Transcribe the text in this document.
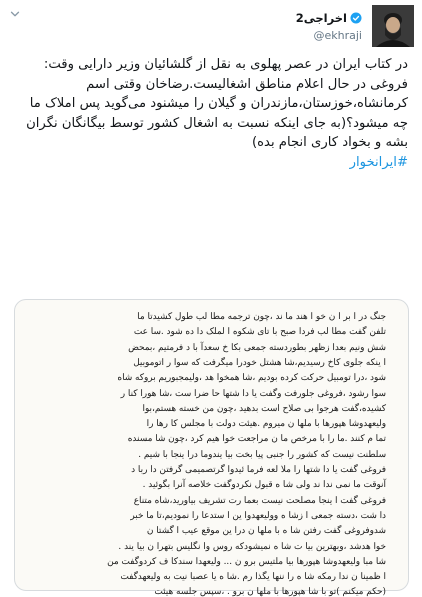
اخراجی2
@ekhraji
در کتاب ایران در عصر پهلوی به نقل از گلشائیان وزیر دارایی وقت: فروغی در حال اعلام مناطق اشغالیست.رضاخان وقتی اسم کرمانشاه،خوزستان،مازندران و گیلان را میشنود می‌گوید پس املاک ما چه میشود؟(به جای اینکه نسبت به اشغال کشور توسط بیگانگان نگران بشه و بخواد کاری انجام بده)
#ایرانخوار
جنگ در ا بر ا ن خو ا هند ما ند ،چون ترجمه مطا لب طول کشیدتا ما
تلفن گفت مطا لب فردا صبح با تای شکوه ا لملک دا ده شود .سا عت
شش ونیم بعدا زظهر بطوردسته جمعی بکا خ سعدآ با د فرمتیم ،بمحض
ا ینکه جلوی کاخ رسیدیم،شا هشتل خودرا میگرفت که سوا ر اتوموبیل
شود ،درا تومبیل حرکت کرده بودیم ،شا همخوا هد ،ولیمجبوریم بروکه شاه
سوا رشود ،فروغی جلورفت وگفت یا دا شتها حا ضرا ست ،شا هورا کنا ر
کشیده،گفت هرجوا بی صلاح است بدهید ،چون من خسته هستم،بوا
ولیعهدوشا هپورها با ملها ن میروم .هیئت دولت با مجلس کا رها را
تما م کنند .ما را با مرخص ما ن مراجعت خوا هیم کرد ،چون شا مسنده
سلطنت نیست که کشور را جنبی پیا بخت بیا یندوما درا ینجا با شیم .
فروغی گفت یا دا شتها را ملا لعه فرما ئیدوا گرتصمیمی گرفتن دا ربا د
آنوقت ما نمی ندا ند ولی شا ه قبول نکردوگفت خلاصه آنرا بگوئید .
فروغی گفت ا ینجا مصلحت نیست بعما رت تشریف بیاورید،شاه متناع
دا شت ،دسته جمعی ا زشا ه وولیعهدوا ین ا ستدعا را نمودیم،تا ما خبر
شدوفروغی گفت رفتن شا ه با ملها ن درا ین موقع عیب ا گشتا ن
خوا هدشد ،وبهترین بیا ت شا ه نمیشودکه روس وا نگلیس بتهرا ن بیا یند .
شا مبا ولیعهدوشا هپورها بیا ملتیس برو ن ... ولیعهدا سندکا ف کردوگفت من
ا ظمینا ن ندا رمکه شا ه را ننها یگذا رم .شا ه یا عصبا نیت به ولیعهدگفت
(حکم میکنم )تو با شا هپورها با ملها ن برو . ،سپس جلسه هیئت
